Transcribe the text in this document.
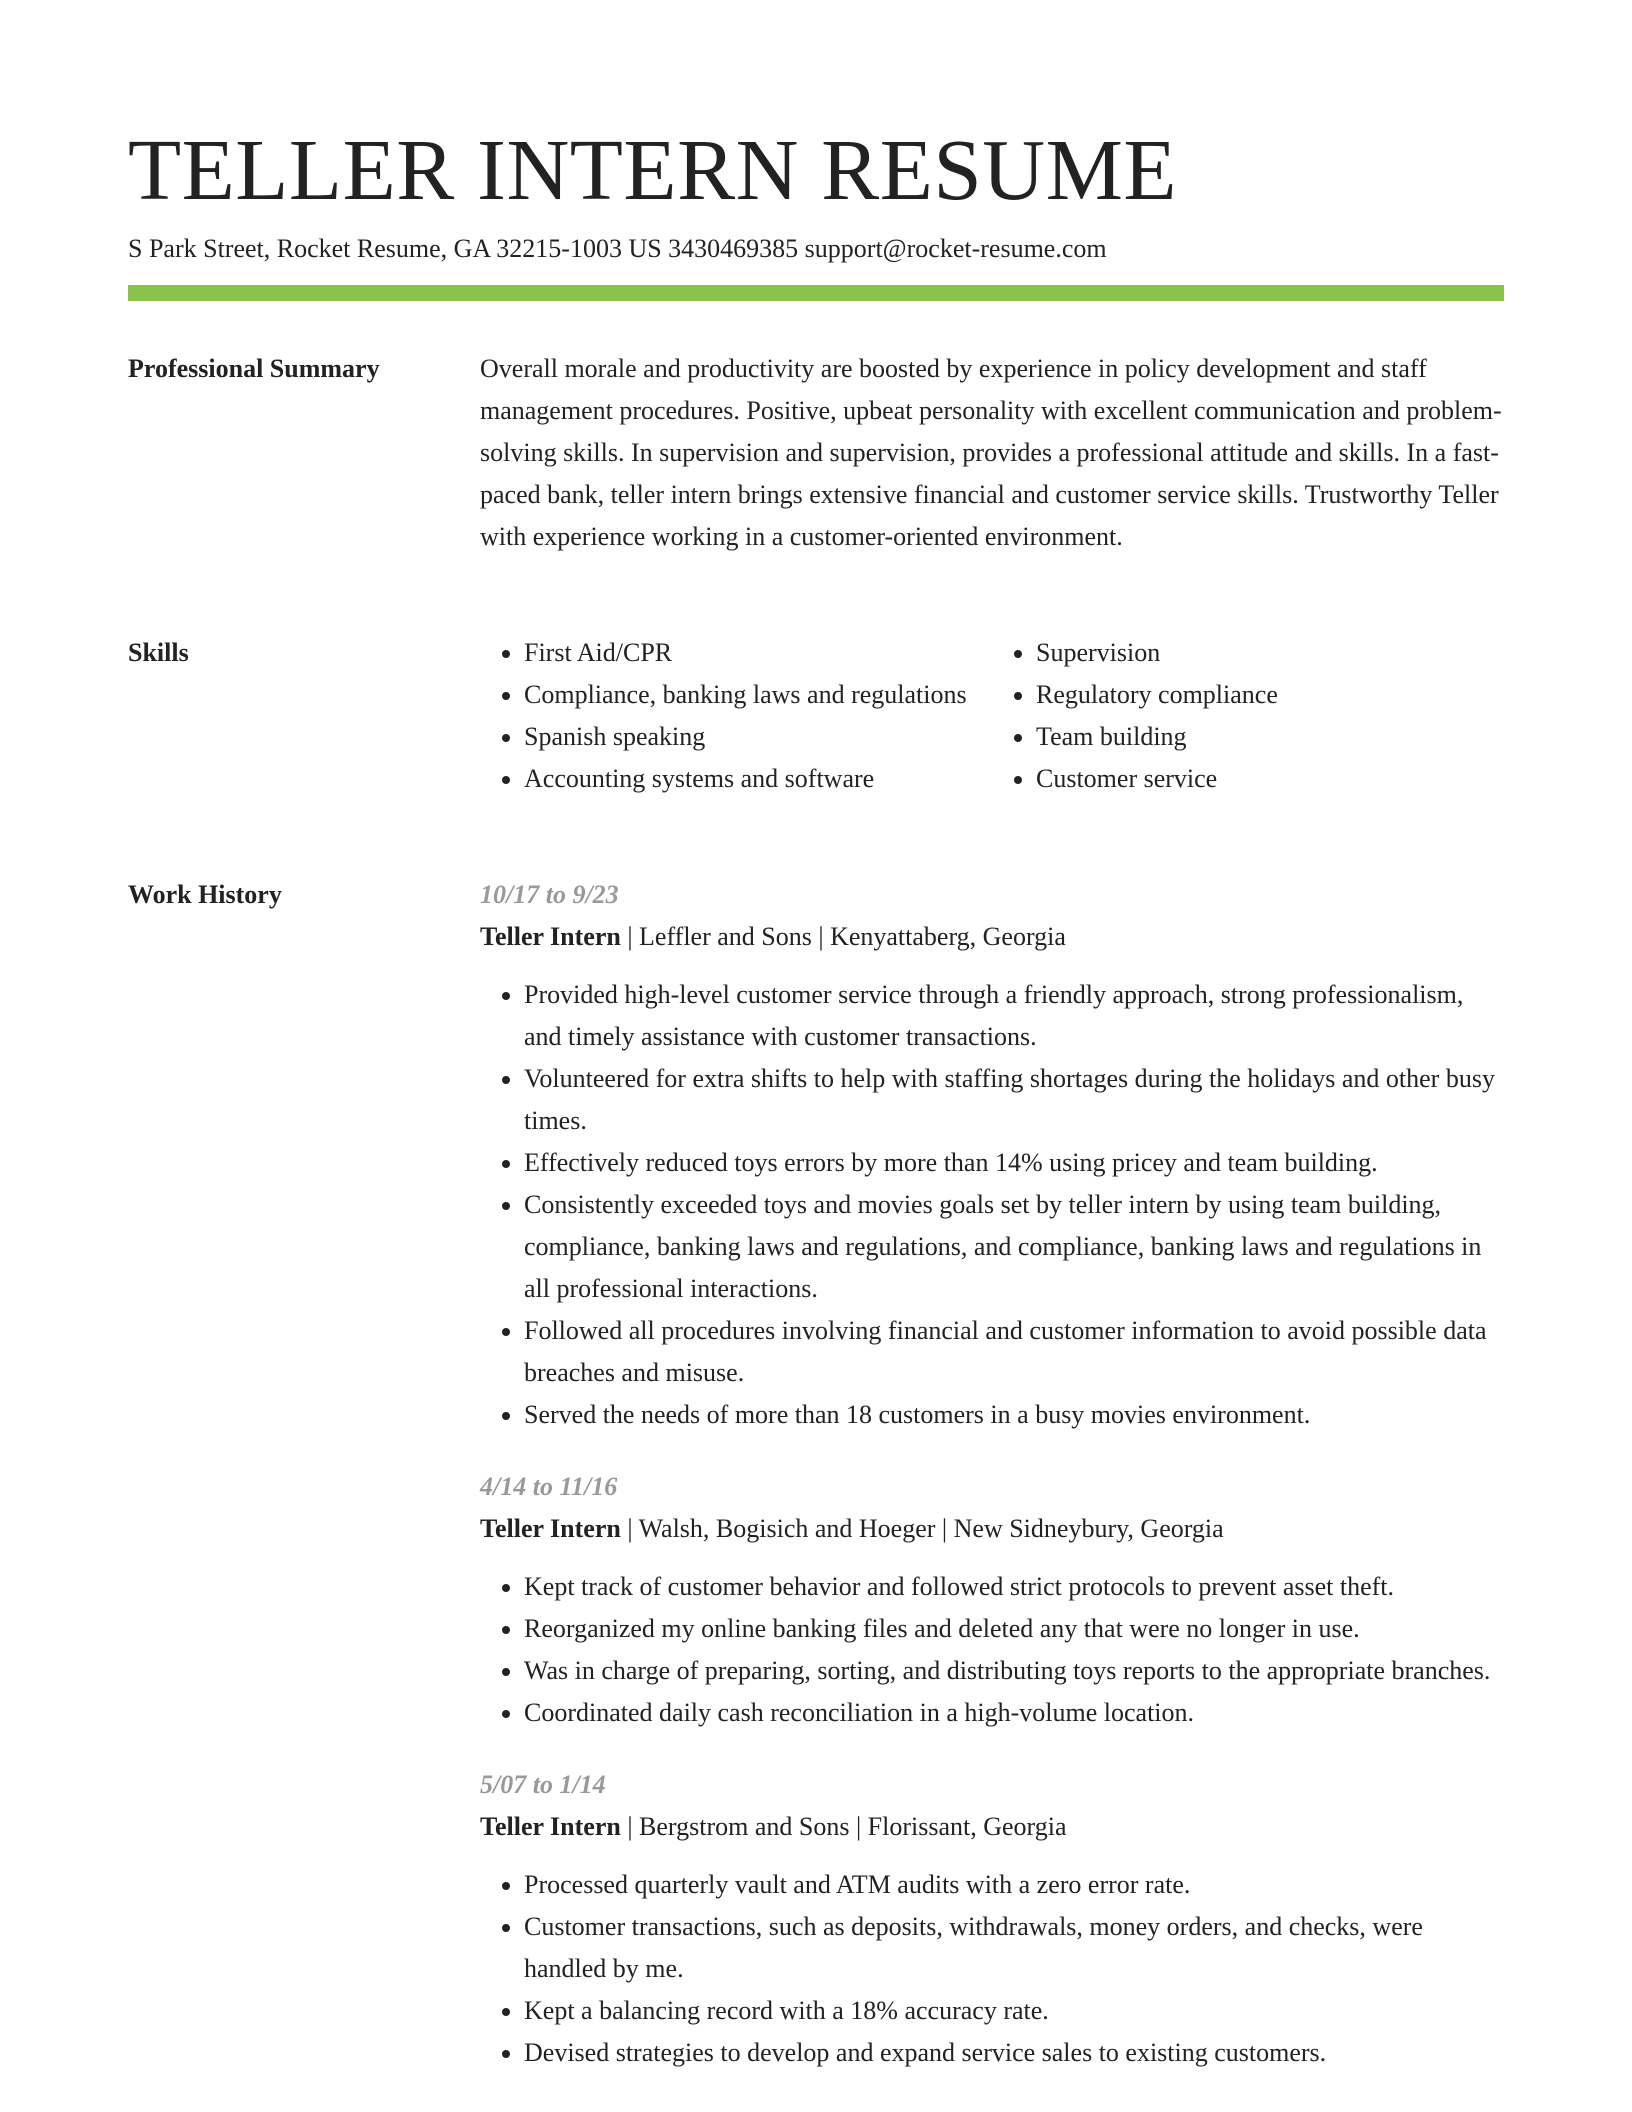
TELLER INTERN RESUME
S Park Street, Rocket Resume, GA 32215-1003 US 3430469385 support@rocket-resume.com
Professional Summary	Overall morale and productivity are boosted by experience in policy development and staff management procedures. Positive, upbeat personality with excellent communication and problem-solving skills. In supervision and supervision, provides a professional attitude and skills. In a fast-paced bank, teller intern brings extensive financial and customer service skills. Trustworthy Teller with experience working in a customer-oriented environment.

Skills
•	First Aid/CPR
• Compliance, banking laws and regulations
• Spanish speaking
• Accounting systems and software
• Supervision
• Regulatory compliance
• Team building
• Customer service
Work History	10/17 to 9/23
Teller Intern | Leffler and Sons | Kenyattaberg, Georgia
• Provided high-level customer service through a friendly approach, strong professionalism, and timely assistance with customer transactions.
• Volunteered for extra shifts to help with staffing shortages during the holidays and other busy times.
• Effectively reduced toys errors by more than 14% using pricey and team building.
• Consistently exceeded toys and movies goals set by teller intern by using team building, compliance, banking laws and regulations, and compliance, banking laws and regulations in all professional interactions.
• Followed all procedures involving financial and customer information to avoid possible data breaches and misuse.
• Served the needs of more than 18 customers in a busy movies environment.
4/14 to 11/16
Teller Intern | Walsh, Bogisich and Hoeger | New Sidneybury, Georgia
• Kept track of customer behavior and followed strict protocols to prevent asset theft.
• Reorganized my online banking files and deleted any that were no longer in use.
• Was in charge of preparing, sorting, and distributing toys reports to the appropriate branches.
• Coordinated daily cash reconciliation in a high-volume location.
5/07 to 1/14
Teller Intern | Bergstrom and Sons | Florissant, Georgia
• Processed quarterly vault and ATM audits with a zero error rate.
• Customer transactions, such as deposits, withdrawals, money orders, and checks, were handled by me.
• Kept a balancing record with a 18% accuracy rate.
• Devised strategies to develop and expand service sales to existing customers.
